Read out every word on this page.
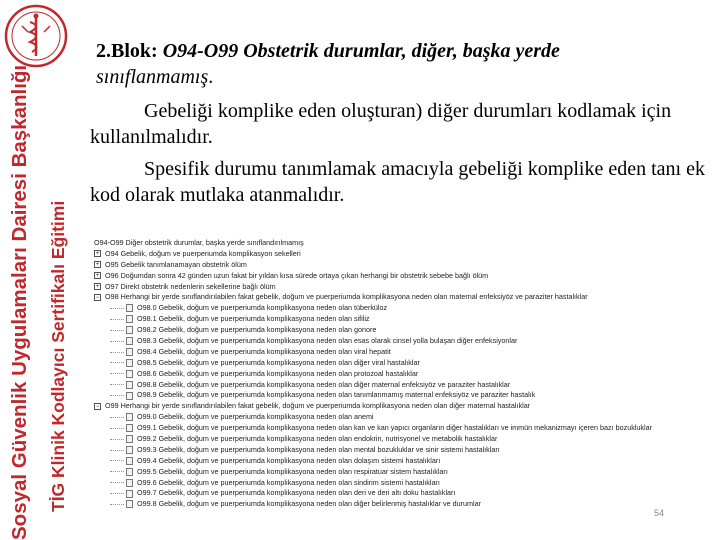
Sosyal Güvenlik Uygulamaları Dairesi Başkanlığı TİG Klinik Kodlayıcı Sertifikalı Eğitimi
2.Blok: O94-O99 Obstetrik durumlar, diğer, başka yerde
sınıflanmamış.
Gebeliği komplike eden oluşturan) diğer durumları kodlamak için kullanılmalıdır.
Spesifik durumu tanımlamak amacıyla gebeliği komplike eden tanı ek kod olarak mutlaka atanmalıdır.
O94-O99 Diğer obstetrik durumlar, başka yerde sınıflandırılmamış
+ O94 Gebelik, doğum ve puerperiumda komplikasyon sekelleri
+ O95 Gebelik tanımlanamayan obstetrik ölüm
+ O96 Doğumdan sonra 42 günden uzun fakat bir yıldan kısa sürede ortaya çıkan herhangi bir obstetrik sebebe bağlı ölüm
+ O97 Direkt obstetrik nedenlerin sekellerine bağlı ölüm
− O98 Herhangi bir yerde sınıflandırılabilen fakat gebelik, doğum ve puerperiumda komplikasyona neden olan maternal enfeksiyöz ve paraziter hastalıklar
O98.0 Gebelik, doğum ve puerperiumda komplikasyona neden olan tüberküloz
O98.1 Gebelik, doğum ve puerperiumda komplikasyona neden olan sifiliz
O98.2 Gebelik, doğum ve puerperiumda komplikasyona neden olan gonore
O98.3 Gebelik, doğum ve puerperiumda komplikasyona neden olan esas olarak cinsel yolla bulaşan diğer enfeksiyonlar
O98.4 Gebelik, doğum ve puerperiumda komplikasyona neden olan viral hepatit
O98.5 Gebelik, doğum ve puerperiumda komplikasyona neden olan diğer viral hastalıklar
O98.6 Gebelik, doğum ve puerperiumda komplikasyona neden olan protozoal hastalıklar
O98.8 Gebelik, doğum ve puerperiumda komplikasyona neden olan diğer maternal enfeksiyöz ve paraziter hastalıklar
O98.9 Gebelik, doğum ve puerperiumda komplikasyona neden olan tanımlanmamış maternal enfeksiyöz ve paraziter hastalık
− O99 Herhangi bir yerde sınıflandırılabilen fakat gebelik, doğum ve puerperiumda komplikasyona neden olan diğer maternal hastalıklar
O99.0 Gebelik, doğum ve puerperiumda komplikasyona neden olan anemi
O99.1 Gebelik, doğum ve puerperiumda komplikasyona neden olan kan ve kan yapıcı organların diğer hastalıkları ve immün mekanizmayı içeren bazı bozukluklar
O99.2 Gebelik, doğum ve puerperiumda komplikasyona neden olan endokrin, nutrisyonel ve metabolik hastalıklar
O99.3 Gebelik, doğum ve puerperiumda komplikasyona neden olan mental bozukluklar ve sinir sistemi hastalıkları
O99.4 Gebelik, doğum ve puerperiumda komplikasyona neden olan dolaşım sistemi hastalıkları
O99.5 Gebelik, doğum ve puerperiumda komplikasyona neden olan respiratuar sistem hastalıkları
O99.6 Gebelik, doğum ve puerperiumda komplikasyona neden olan sindirim sistemi hastalıkları
O99.7 Gebelik, doğum ve puerperiumda komplikasyona neden olan deri ve deri altı doku hastalıkları
O99.8 Gebelik, doğum ve puerperiumda komplikasyona neden olan diğer belirlenmiş hastalıklar ve durumlar
54
